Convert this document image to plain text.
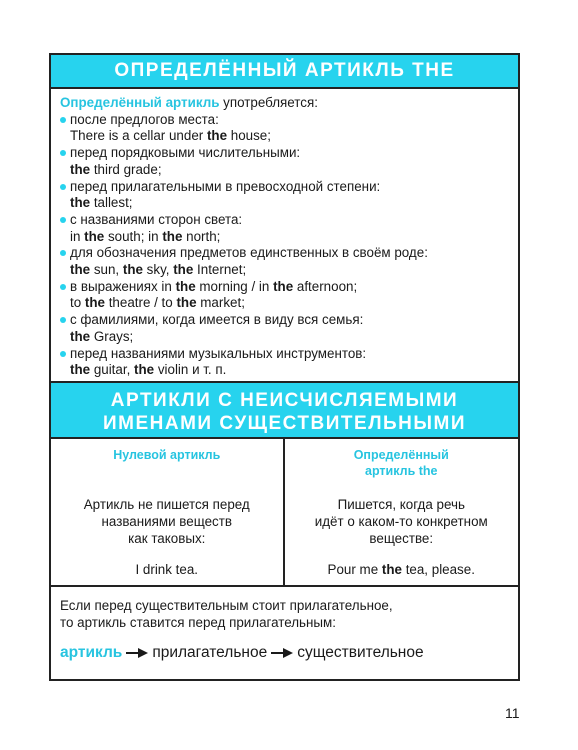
ОПРЕДЕЛЁННЫЙ АРТИКЛЬ THE
Определённый артикль употребляется:
после предлогов места:
There is a cellar under the house;
перед порядковыми числительными:
the third grade;
перед прилагательными в превосходной степени:
the tallest;
с названиями сторон света:
in the south; in the north;
для обозначения предметов единственных в своём роде:
the sun, the sky, the Internet;
в выражениях in the morning / in the afternoon;
to the theatre / to the market;
с фамилиями, когда имеется в виду вся семья:
the Grays;
перед названиями музыкальных инструментов:
the guitar, the violin и т. п.
АРТИКЛИ С НЕИСЧИСЛЯЕМЫМИ
ИМЕНАМИ СУЩЕСТВИТЕЛЬНЫМИ
Нулевой артикль
Артикль не пишется перед
названиями веществ
как таковых:
I drink tea.
Определённый
артикль the
Пишется, когда речь
идёт о каком-то конкретном
веществе:
Pour me the tea, please.
Если перед существительным стоит прилагательное,
то артикль ставится перед прилагательным:
артикль прилагательное существительное
11
